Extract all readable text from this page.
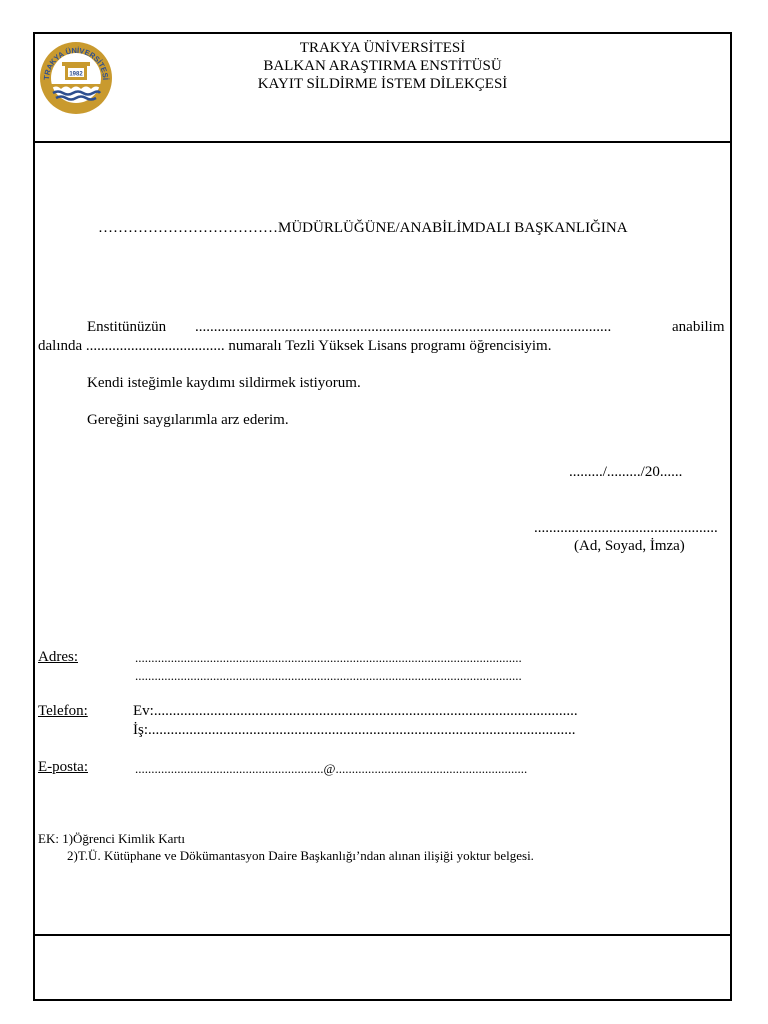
TRAKYA ÜNİVERSİTESİ
1982
TRAKYA ÜNİVERSİTESİ
BALKAN ARAŞTIRMA ENSTİTÜSÜ
KAYIT SİLDİRME İSTEM DİLEKÇESİ
………………………………MÜDÜRLÜĞÜNE/ANABİLİMDALI BAŞKANLIĞINA
Enstitünüzün ...............................................................................................................	anabilim
dalında ..................................... numaralı Tezli Yüksek Lisans programı öğrencisiyim.
Kendi isteğimle kaydımı sildirmek istiyorum.
Gereğini saygılarımla arz ederim.
........./........./20......
.................................................
(Ad, Soyad, İmza)
Adres:	.......................................................................................................................
.......................................................................................................................
Telefon:	Ev:.................................................................................................................
İş:..................................................................................................................
E-posta:	..........................................................@...........................................................
EK: 1)Öğrenci Kimlik Kartı
2)T.Ü. Kütüphane ve Dökümantasyon Daire Başkanlığı’ndan alınan ilişiği yoktur belgesi.
